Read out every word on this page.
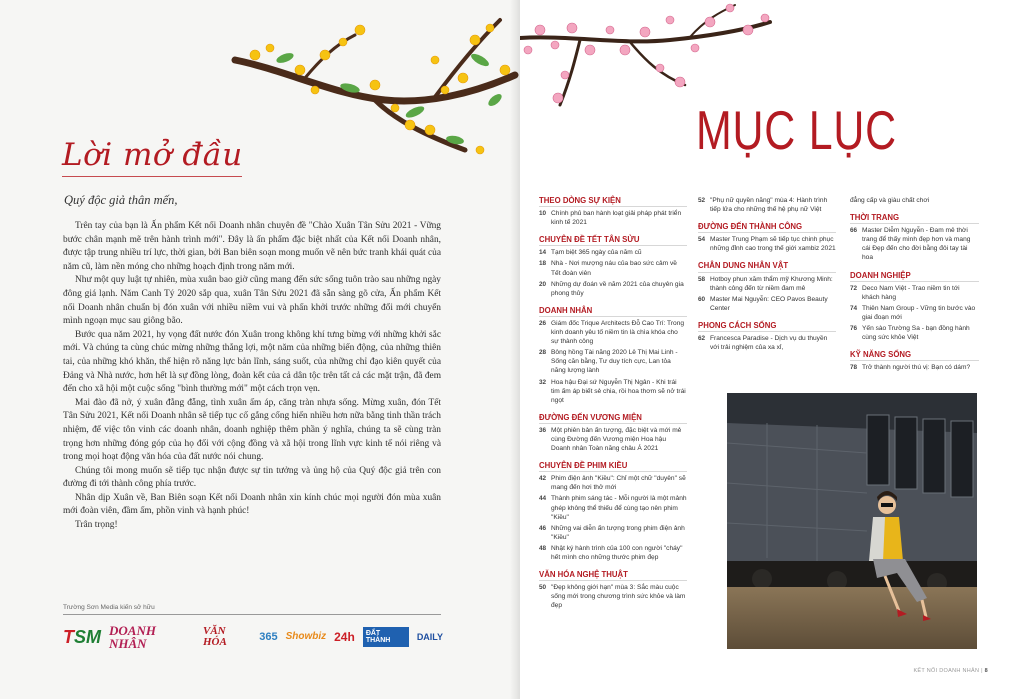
Lời mở đầu
Quý độc giả thân mến,

Trên tay của bạn là Ấn phẩm Kết nối Doanh nhân chuyên đề "Chào Xuân Tân Sửu 2021 - Vững bước chân mạnh mẽ trên hành trình mới". Đây là ấn phẩm đặc biệt nhất của Kết nối Doanh nhân, được tập trung nhiều trí lực, thời gian, bởi Ban biên soạn mong muốn vẽ nên bức tranh khái quát của năm cũ, làm nền móng cho những hoạch định trong năm mới.

Như một quy luật tự nhiên, mùa xuân bao giờ cũng mang đến sức sống tuôn trào sau những ngày đông giá lạnh. Năm Canh Tý 2020 sắp qua, xuân Tân Sửu 2021 đã sẵn sàng gõ cửa, Ấn phẩm Kết nối Doanh nhân chuẩn bị đón xuân với nhiều niềm vui và phấn khởi trước những đổi mới chuyển mình ngoạn mục sau giông bão.

Bước qua năm 2021, hy vọng đất nước đón Xuân trong không khí tưng bừng với những khởi sắc mới. Và chúng ta cùng chúc mừng những thắng lợi, một năm của những biến động, của những thiên tai, của những khó khăn, thể hiện rõ năng lực bản lĩnh, sáng suốt, của những chỉ đạo kiên quyết của Đảng và Nhà nước, hơn hết là sự đồng lòng, đoàn kết của cả dân tộc trên tất cả các mặt trận, đã đem đến cho xã hội một cuộc sống "bình thường mới" một cách trọn vẹn.

Mai đào đã nở, ý xuân đằng đẵng, tình xuân ấm áp, căng tràn nhựa sống. Mừng xuân, đón Tết Tân Sửu 2021, Kết nối Doanh nhân sẽ tiếp tục cố gắng cống hiến nhiều hơn nữa bằng tinh thần trách nhiệm, để việc tôn vinh các doanh nhân, doanh nghiệp thêm phần ý nghĩa, chúng ta sẽ cùng tràn trọng hơn những đóng góp của họ đối với cộng đồng và xã hội trong lĩnh vực kinh tế nói riêng và trong mọi hoạt động văn hóa của đất nước nói chung.

Chúng tôi mong muốn sẽ tiếp tục nhận được sự tin tưởng và ủng hộ của Quý độc giả trên con đường đi tới thành công phía trước.

Nhân dịp Xuân về, Ban Biên soạn Kết nối Doanh nhân xin kính chúc mọi người đón mùa xuân mới đoàn viên, đầm ấm, phồn vinh và hạnh phúc!

Trân trọng!

Trường Sơn Media kiến sở hữu
TSM DOANH NHÂN
VĂN HÓA	365 Showbiz 24h	ĐẤT THÀNH	DAILY
MỤC LỤC
THEO DÒNG SỰ KIỆN
10 Chính phủ ban hành loạt giải pháp phát triển kinh tế 2021
CHUYÊN ĐỀ TẾT TÂN SỬU
14 Tạm biệt 365 ngày của năm cũ
18 Nhà - Nơi mượng náu của bao sức cảm về Tết đoàn viên
20 Những dự đoán về năm 2021 của chuyên gia phong thủy
DOANH NHÂN
26 Giám đốc Trique Architects Đỗ Cao Trí: Trong kinh doanh yêu tố niềm tin là chìa khóa cho sự thành công
28 Bông hồng Tài năng 2020 Lê Thị Mai Linh - Sống căn bằng, Tư duy tích cực, Lan tỏa năng lượng lành
32 Hoa hậu Đại sứ Nguyễn Thị Ngân - Khi trái tim ấm áp biết sẻ chia, rồi hoa thơm sẽ nở trái ngọt
ĐƯỜNG ĐẾN VƯƠNG MIỆN
36 Một phiên bản ấn tượng, đặc biệt và mới mẻ cùng Đường đến Vương miện Hoa hậu Doanh nhân Toàn năng châu Á 2021
CHUYÊN ĐỀ PHIM KIỀU
42 Phim điện ảnh "Kiều": Chỉ một chữ "duyên" sẽ mang đến hơi thở mới
44 Thành phim sáng tác - Mỗi người là một mảnh ghép không thể thiếu để cùng tạo nên phim "Kiều"
46 Những vai diễn ấn tượng trong phim điện ảnh "Kiều"
48 Nhật ký hành trình của 100 con người "cháy" hết mình cho những thước phim đẹp
VĂN HÓA NGHỆ THUẬT
50 "Đẹp không giới hạn" mùa 3: Sắc màu cuộc sống mới trong chương trình sức khỏe và làm đẹp
52 "Phụ nữ quyền năng" mùa 4: Hành trình tiếp lửa cho những thế hệ phụ nữ Việt
ĐƯỜNG ĐẾN THÀNH CÔNG
54 Master Trung Phạm sẽ tiếp tục chinh phục những đỉnh cao trong thế giới xambiz 2021
CHÂN DUNG NHÂN VẬT
58 Hotboy phun xăm thẩm mỹ Khương Minh: thành công đến từ niềm đam mê
60 Master Mai Nguyễn: CEO Pavos Beauty Center
PHONG CÁCH SỐNG
62 Francesca Paradise - Dịch vụ du thuyền với trải nghiệm của xa xỉ,
đẳng cấp và giàu chất chơi
THỜI TRANG
66 Master Diễm Nguyễn - Đam mê thời trang để thấy mình đẹp hơn và mang cái Đẹp đến cho đời bằng đôi tay tài hoa
DOANH NGHIỆP
72 Deco Nam Việt - Trao niềm tin tới khách hàng
74 Thiên Nam Group - Vững tin bước vào giai đoạn mới
76 Yến sào Trường Sa - bạn đồng hành cùng sức khỏe Việt
KỸ NĂNG SỐNG
78 Trở thành người thú vị: Bạn có dám?
KẾT NỐI DOANH NHÂN | 8
